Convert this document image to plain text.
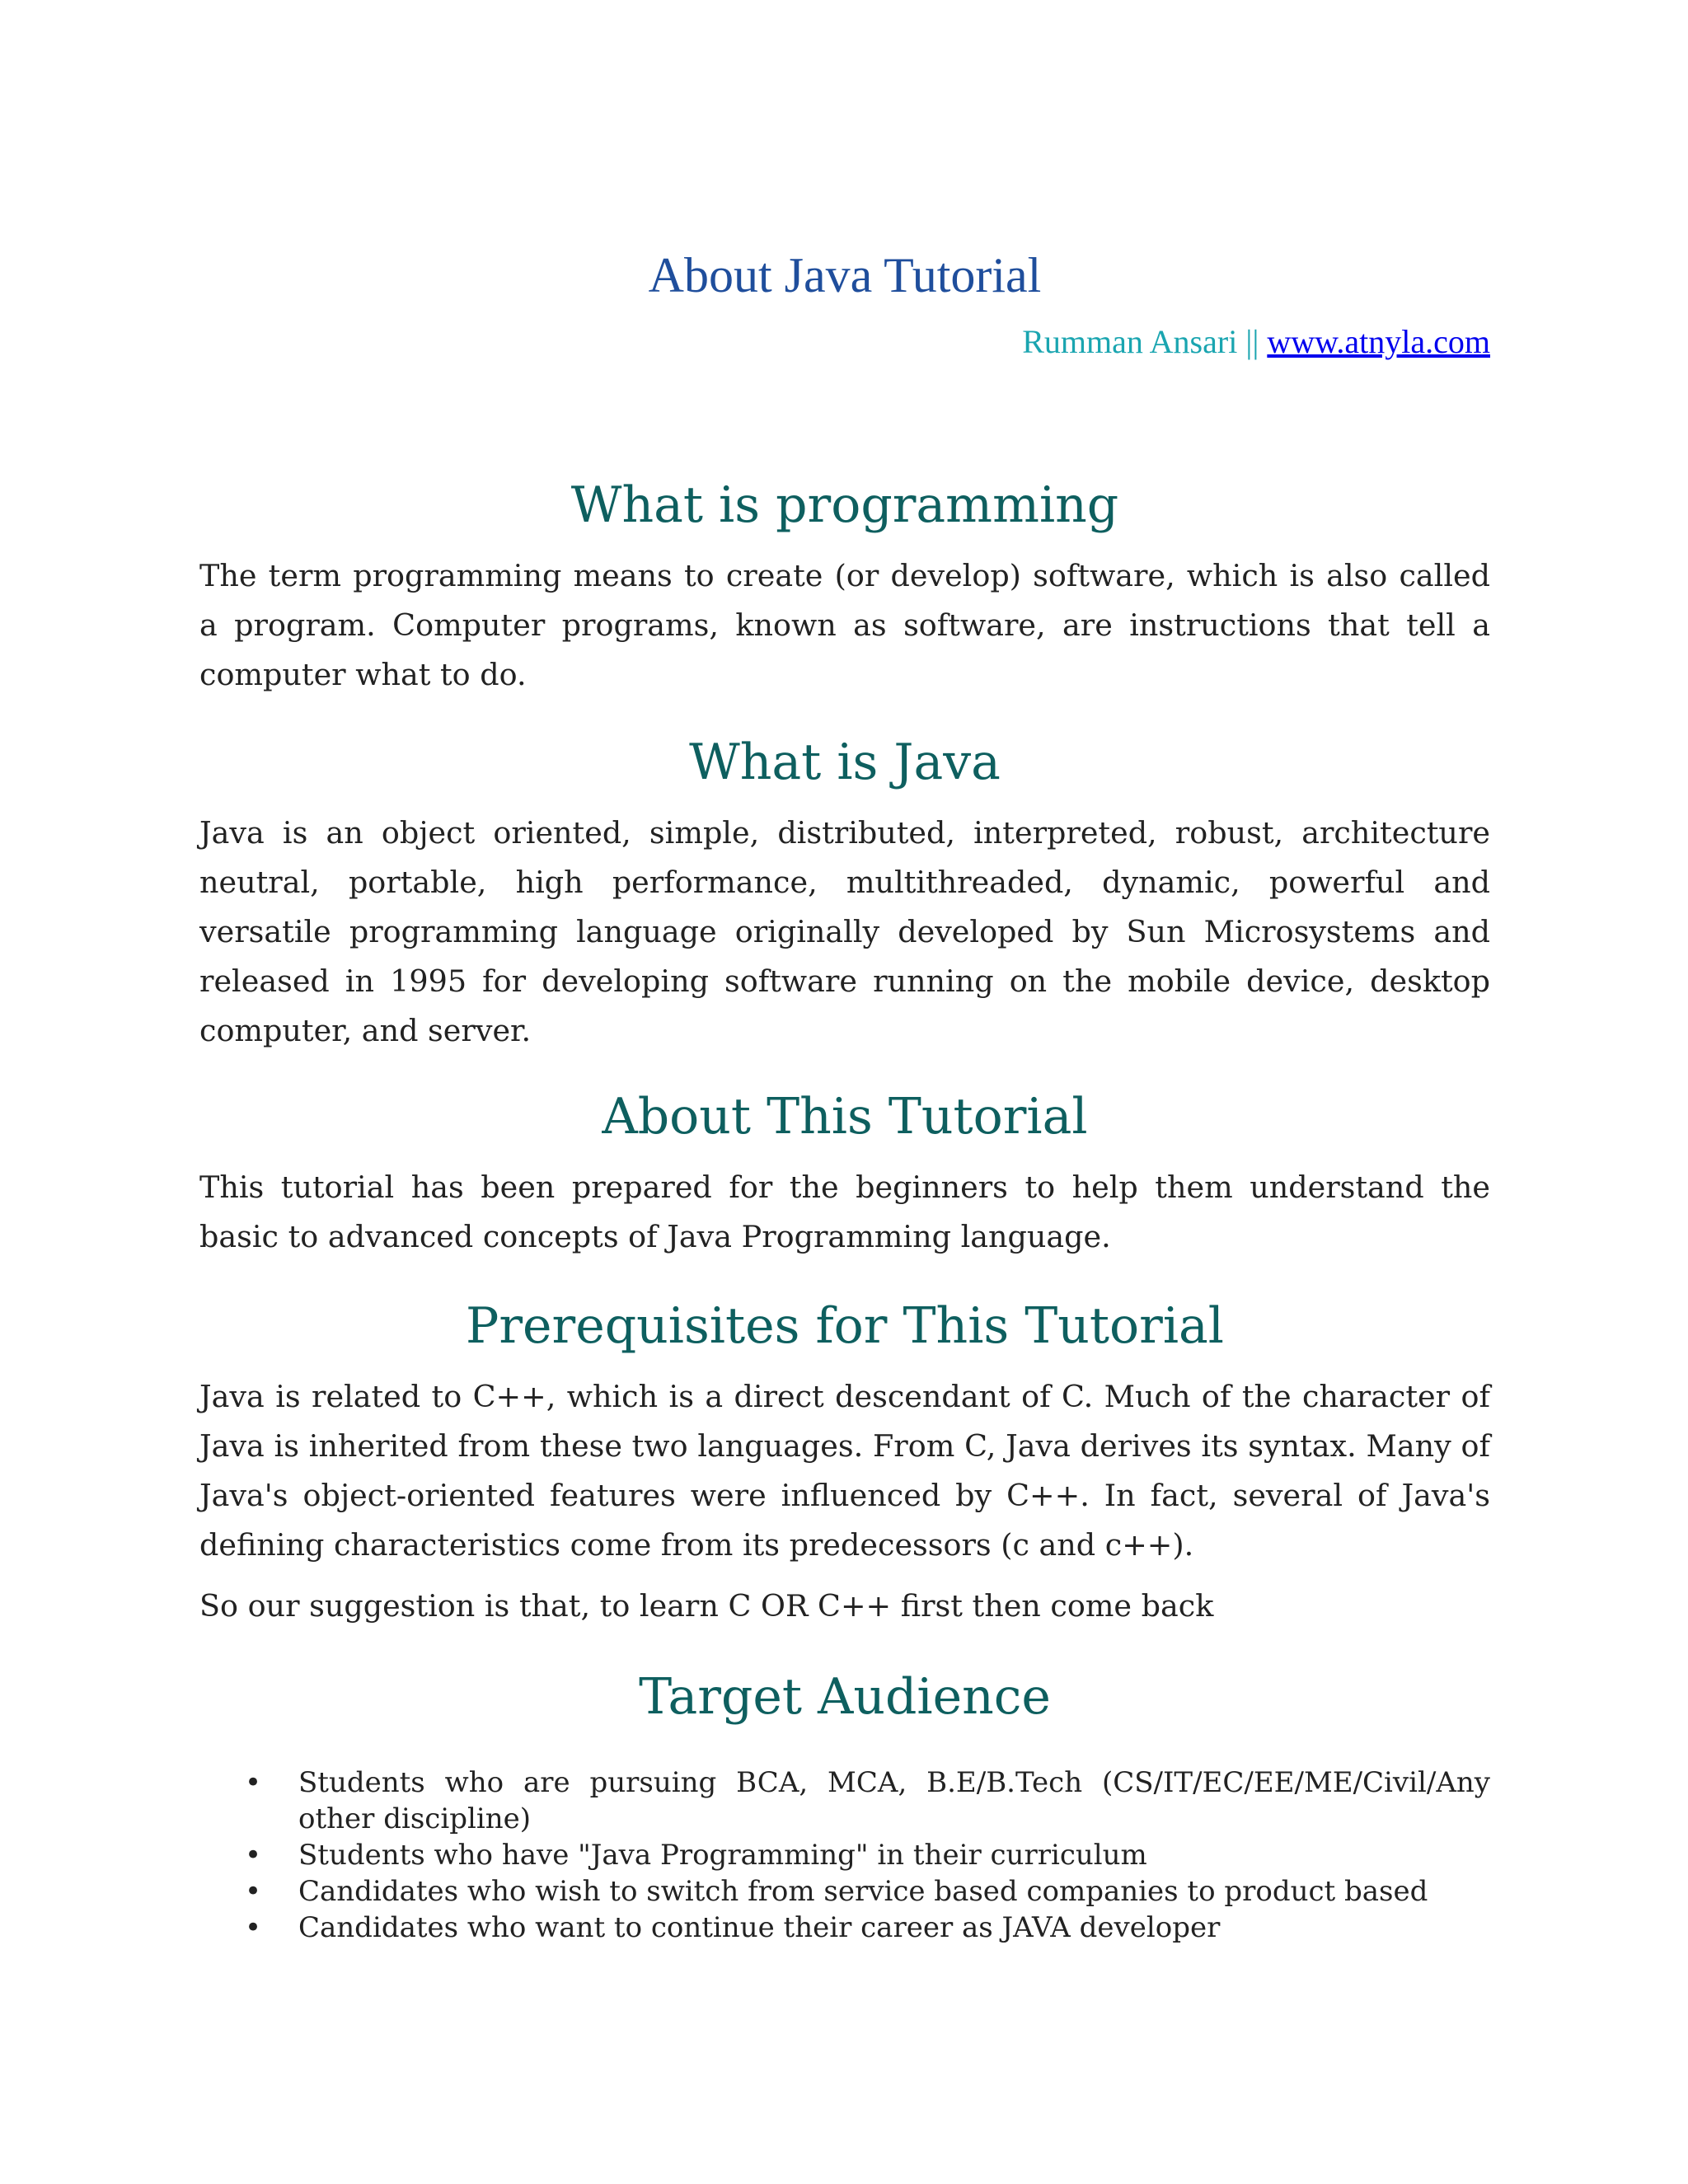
About Java Tutorial
Rumman Ansari || www.atnyla.com
What is programming

The term programming means to create (or develop) software, which is also called a program. Computer programs, known as software, are instructions that tell a computer what to do.

What is Java

Java is an object oriented, simple, distributed, interpreted, robust, architecture neutral, portable, high performance, multithreaded, dynamic, powerful and versatile programming language originally developed by Sun Microsystems and released in 1995 for developing software running on the mobile device, desktop computer, and server.

About This Tutorial

This tutorial has been prepared for the beginners to help them understand the basic to advanced concepts of Java Programming language.

Prerequisites for This Tutorial

Java is related to C++, which is a direct descendant of C. Much of the character of Java is inherited from these two languages. From C, Java derives its syntax. Many of Java's object-oriented features were influenced by C++. In fact, several of Java's defining characteristics come from its predecessors (c and c++).

So our suggestion is that, to learn C OR C++ first then come back

Target Audience
• Students who are pursuing BCA, MCA, B.E/B.Tech (CS/IT/EC/EE/ME/Civil/Any other discipline)
• Students who have "Java Programming" in their curriculum
• Candidates who wish to switch from service based companies to product based
• Candidates who want to continue their career as JAVA developer
